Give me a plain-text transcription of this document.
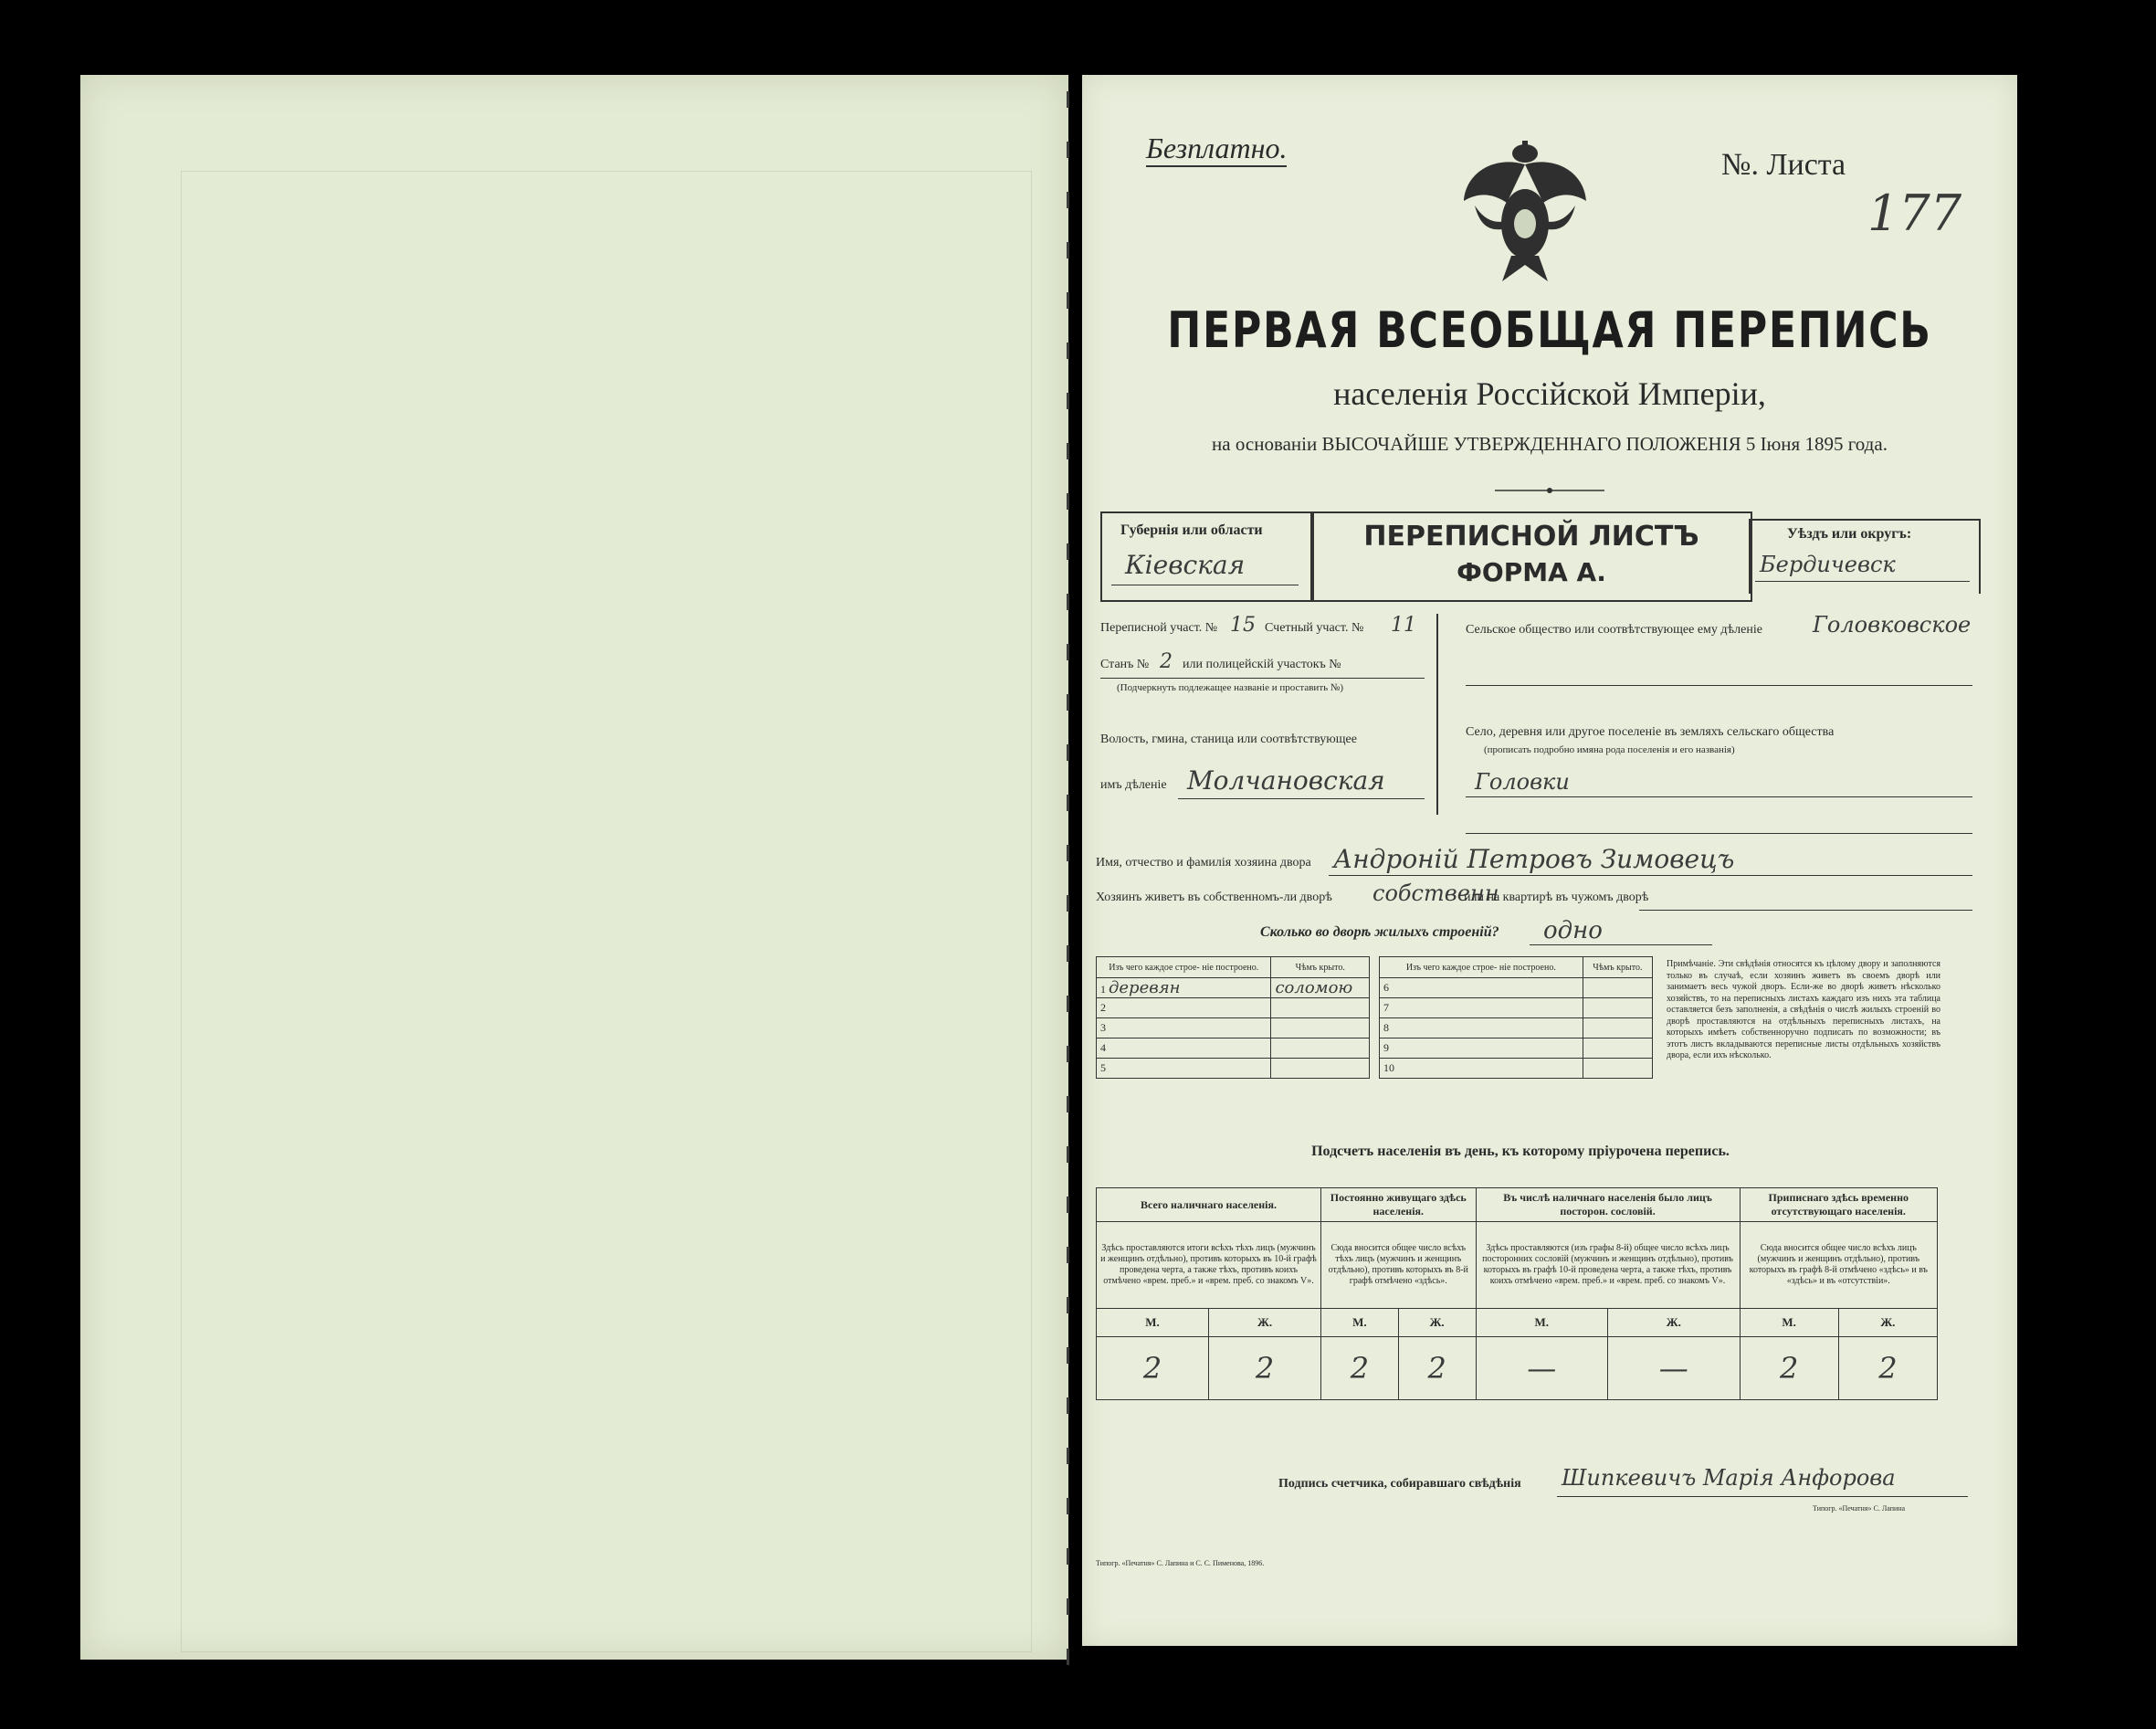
Безплатно.	№. Листа
177
ПЕРВАЯ ВСЕОБЩАЯ ПЕРЕПИСЬ
населенія Россійской Имперіи,
на основаніи ВЫСОЧАЙШЕ УТВЕРЖДЕННАГО ПОЛОЖЕНІЯ 5 Іюня 1895 года.
Губернія или области
Кіевская
ПЕРЕПИСНОЙ ЛИСТЪ
ФОРМА А.
Уѣздъ или округъ:
Бердичевск
Переписной участ. № 15 Счетный участ. № 11
Станъ № 2 или полицейскій участокъ №
(Подчеркнуть подлежащее названіе и проставить №)
Волость, гмина, станица или соотвѣтствующее
имъ дѣленіе Молчановская
Сельское общество или соотвѣтствующее ему дѣленіе Головковское
Село, деревня или другое поселеніе въ земляхъ сельскаго общества
(прописать подробно имяна рода поселенія и его названія)
Головки
Имя, отчество и фамилія хозяина двора Андроній Петровъ Зимовецъ
Хозяинъ живетъ въ собственномъ-ли дворѣ собственн
или на квартирѣ въ чужомъ дворѣ
Сколько во дворѣ жилыхъ строеній? одно
Изъ чего каждое строе- ніе построено.	Чѣмъ крыто.
1 деревян	соломою
2	
3	
4	
5	
Изъ чего каждое строе- ніе построено.	Чѣмъ крыто.
6	
7	
8	
9	
10	
Примѣчаніе. Эти свѣдѣнія относятся къ цѣлому двору и заполняются только въ случаѣ, если хозяинъ живетъ въ своемъ дворѣ или занимаетъ весь чужой дворъ. Если-же во дворѣ живетъ нѣсколько хозяйствъ, то на переписныхъ листахъ каждаго изъ нихъ эта таблица оставляется безъ заполненія, а свѣдѣнія о числѣ жилыхъ строеній во дворѣ проставляются на отдѣльныхъ переписныхъ листахъ, на которыхъ имѣетъ собственноручно подписать по возможности; въ этотъ листъ вкладываются переписные листы отдѣльныхъ хозяйствъ двора, если ихъ нѣсколько.
Подсчетъ населенія въ день, къ которому пріурочена перепись.
Всего наличнаго населенія.		Постоянно живущаго здѣсь населенія.		Въ числѣ наличнаго населенія было лицъ посторон. сословій.		Приписнаго здѣсь временно отсутствующаго населенія.	
Здѣсь проставляются итоги всѣхъ тѣхъ лицъ (мужчинъ и женщинъ отдѣльно), противъ которыхъ въ 10-й графѣ проведена черта, а также тѣхъ, противъ коихъ отмѣчено «врем. преб.» и «врем. преб. со знакомъ V».		Сюда вносится общее число всѣхъ тѣхъ лицъ (мужчинъ и женщинъ отдѣльно), противъ которыхъ въ 8-й графѣ отмѣчено «здѣсь».		Здѣсь проставляются (изъ графы 8-й) общее число всѣхъ лицъ посторонних сословій (мужчинъ и женщинъ отдѣльно), противъ которыхъ въ графѣ 10-й проведена черта, а также тѣхъ, противъ коихъ отмѣчено «врем. преб.» и «врем. преб. со знакомъ V».		Сюда вносится общее число всѣхъ лицъ (мужчинъ и женщинъ отдѣльно), противъ которыхъ въ графѣ 8-й отмѣчено «здѣсь» и въ «здѣсь» и въ «отсутствіи».	
М.	Ж.	М.	Ж.	М.	Ж.	М.	Ж.
2	2	2	2	—	—	2	2
Подпись счетчика, собиравшаго свѣдѣнія Шипкевичъ Марія Анфорова
Типогр. «Печатня» С. Лапина и С. С. Пименова, 1896.
Типогр. «Печатня» С. Лапина
